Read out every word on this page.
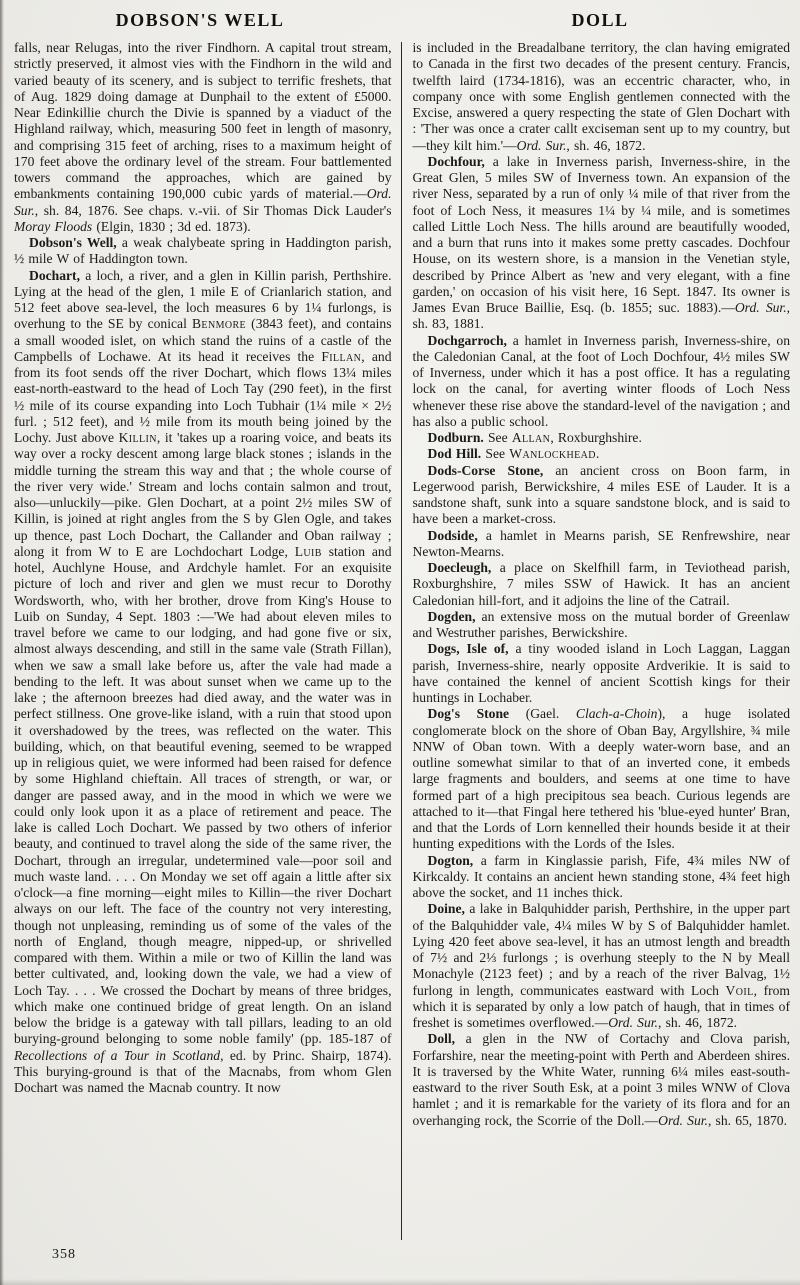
DOBSON'S WELL	DOLL

falls, near Relugas, into the river Findhorn. A capital trout stream, strictly preserved, it almost vies with the Findhorn in the wild and varied beauty of its scenery, and is subject to terrific freshets, that of Aug. 1829 doing damage at Dunphail to the extent of £5000. Near Edinkillie church the Divie is spanned by a viaduct of the Highland railway, which, measuring 500 feet in length of masonry, and comprising 315 feet of arching, rises to a maximum height of 170 feet above the ordinary level of the stream. Four battlemented towers command the approaches, which are gained by embankments containing 190,000 cubic yards of material.—Ord. Sur., sh. 84, 1876. See chaps. v.-vii. of Sir Thomas Dick Lauder's Moray Floods (Elgin, 1830 ; 3d ed. 1873).

Dobson's Well, a weak chalybeate spring in Haddington parish, ½ mile W of Haddington town.

Dochart, a loch, a river, and a glen in Killin parish, Perthshire. Lying at the head of the glen, 1 mile E of Crianlarich station, and 512 feet above sea-level, the loch measures 6 by 1¼ furlongs, is overhung to the SE by conical Benmore (3843 feet), and contains a small wooded islet, on which stand the ruins of a castle of the Campbells of Lochawe. At its head it receives the Fillan, and from its foot sends off the river Dochart, which flows 13¼ miles east-north-eastward to the head of Loch Tay (290 feet), in the first ½ mile of its course expanding into Loch Tubhair (1¼ mile × 2½ furl. ; 512 feet), and ½ mile from its mouth being joined by the Lochy. Just above Killin, it 'takes up a roaring voice, and beats its way over a rocky descent among large black stones ; islands in the middle turning the stream this way and that ; the whole course of the river very wide.' Stream and lochs contain salmon and trout, also—unluckily—pike. Glen Dochart, at a point 2½ miles SW of Killin, is joined at right angles from the S by Glen Ogle, and takes up thence, past Loch Dochart, the Callander and Oban railway ; along it from W to E are Lochdochart Lodge, Luib station and hotel, Auchlyne House, and Ardchyle hamlet. For an exquisite picture of loch and river and glen we must recur to Dorothy Wordsworth, who, with her brother, drove from King's House to Luib on Sunday, 4 Sept. 1803 :—'We had about eleven miles to travel before we came to our lodging, and had gone five or six, almost always descending, and still in the same vale (Strath Fillan), when we saw a small lake before us, after the vale had made a bending to the left. It was about sunset when we came up to the lake ; the afternoon breezes had died away, and the water was in perfect stillness. One grove-like island, with a ruin that stood upon it overshadowed by the trees, was reflected on the water. This building, which, on that beautiful evening, seemed to be wrapped up in religious quiet, we were informed had been raised for defence by some Highland chieftain. All traces of strength, or war, or danger are passed away, and in the mood in which we were we could only look upon it as a place of retirement and peace. The lake is called Loch Dochart. We passed by two others of inferior beauty, and continued to travel along the side of the same river, the Dochart, through an irregular, undetermined vale—poor soil and much waste land. . . . On Monday we set off again a little after six o'clock—a fine morning—eight miles to Killin—the river Dochart always on our left. The face of the country not very interesting, though not unpleasing, reminding us of some of the vales of the north of England, though meagre, nipped-up, or shrivelled compared with them. Within a mile or two of Killin the land was better cultivated, and, looking down the vale, we had a view of Loch Tay. . . . We crossed the Dochart by means of three bridges, which make one continued bridge of great length. On an island below the bridge is a gateway with tall pillars, leading to an old burying-ground belonging to some noble family' (pp. 185-187 of Recollections of a Tour in Scotland, ed. by Princ. Shairp, 1874). This burying-ground is that of the Macnabs, from whom Glen Dochart was named the Macnab country. It now

is included in the Breadalbane territory, the clan having emigrated to Canada in the first two decades of the present century. Francis, twelfth laird (1734-1816), was an eccentric character, who, in company once with some English gentlemen connected with the Excise, answered a query respecting the state of Glen Dochart with : 'Ther was once a crater callt exciseman sent up to my country, but—they kilt him.'—Ord. Sur., sh. 46, 1872.

Dochfour, a lake in Inverness parish, Inverness-shire, in the Great Glen, 5 miles SW of Inverness town. An expansion of the river Ness, separated by a run of only ¼ mile of that river from the foot of Loch Ness, it measures 1¼ by ¼ mile, and is sometimes called Little Loch Ness. The hills around are beautifully wooded, and a burn that runs into it makes some pretty cascades. Dochfour House, on its western shore, is a mansion in the Venetian style, described by Prince Albert as 'new and very elegant, with a fine garden,' on occasion of his visit here, 16 Sept. 1847. Its owner is James Evan Bruce Baillie, Esq. (b. 1855; suc. 1883).—Ord. Sur., sh. 83, 1881.

Dochgarroch, a hamlet in Inverness parish, Inverness-shire, on the Caledonian Canal, at the foot of Loch Dochfour, 4½ miles SW of Inverness, under which it has a post office. It has a regulating lock on the canal, for averting winter floods of Loch Ness whenever these rise above the standard-level of the navigation ; and has also a public school.

Dodburn. See Allan, Roxburghshire.

Dod Hill. See Wanlockhead.

Dods-Corse Stone, an ancient cross on Boon farm, in Legerwood parish, Berwickshire, 4 miles ESE of Lauder. It is a sandstone shaft, sunk into a square sandstone block, and is said to have been a market-cross.

Dodside, a hamlet in Mearns parish, SE Renfrewshire, near Newton-Mearns.

Doecleugh, a place on Skelfhill farm, in Teviothead parish, Roxburghshire, 7 miles SSW of Hawick. It has an ancient Caledonian hill-fort, and it adjoins the line of the Catrail.

Dogden, an extensive moss on the mutual border of Greenlaw and Westruther parishes, Berwickshire.

Dogs, Isle of, a tiny wooded island in Loch Laggan, Laggan parish, Inverness-shire, nearly opposite Ardverikie. It is said to have contained the kennel of ancient Scottish kings for their huntings in Lochaber.

Dog's Stone (Gael. Clach-a-Choin), a huge isolated conglomerate block on the shore of Oban Bay, Argyllshire, ¾ mile NNW of Oban town. With a deeply water-worn base, and an outline somewhat similar to that of an inverted cone, it embeds large fragments and boulders, and seems at one time to have formed part of a high precipitous sea beach. Curious legends are attached to it—that Fingal here tethered his 'blue-eyed hunter' Bran, and that the Lords of Lorn kennelled their hounds beside it at their hunting expeditions with the Lords of the Isles.

Dogton, a farm in Kinglassie parish, Fife, 4¾ miles NW of Kirkcaldy. It contains an ancient hewn standing stone, 4¾ feet high above the socket, and 11 inches thick.

Doine, a lake in Balquhidder parish, Perthshire, in the upper part of the Balquhidder vale, 4¼ miles W by S of Balquhidder hamlet. Lying 420 feet above sea-level, it has an utmost length and breadth of 7½ and 2⅓ furlongs ; is overhung steeply to the N by Meall Monachyle (2123 feet) ; and by a reach of the river Balvag, 1½ furlong in length, communicates eastward with Loch Voil, from which it is separated by only a low patch of haugh, that in times of freshet is sometimes overflowed.—Ord. Sur., sh. 46, 1872.

Doll, a glen in the NW of Cortachy and Clova parish, Forfarshire, near the meeting-point with Perth and Aberdeen shires. It is traversed by the White Water, running 6¼ miles east-south-eastward to the river South Esk, at a point 3 miles WNW of Clova hamlet ; and it is remarkable for the variety of its flora and for an overhanging rock, the Scorrie of the Doll.—Ord. Sur., sh. 65, 1870.

358
